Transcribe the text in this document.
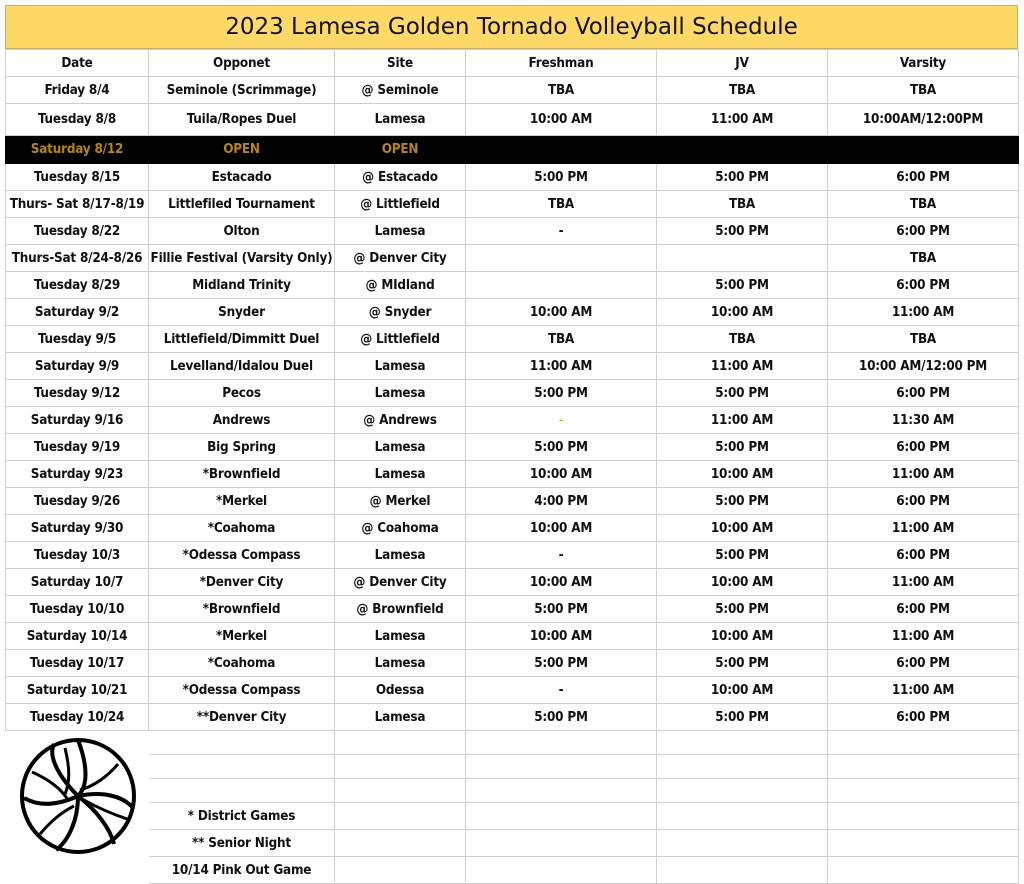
2023 Lamesa Golden Tornado Volleyball Schedule
Date	Opponet	Site	Freshman	JV	Varsity
Friday 8/4	Seminole (Scrimmage)	@ Seminole	TBA	TBA	TBA
Tuesday 8/8	Tuila/Ropes Duel	Lamesa	10:00 AM	11:00 AM	10:00AM/12:00PM
Saturday 8/12	OPEN	OPEN			
Tuesday 8/15	Estacado	@ Estacado	5:00 PM	5:00 PM	6:00 PM
Thurs- Sat 8/17-8/19	Littlefiled Tournament	@ Littlefield	TBA	TBA	TBA
Tuesday 8/22	Olton	Lamesa	-	5:00 PM	6:00 PM
Thurs-Sat 8/24-8/26	Fillie Festival (Varsity Only)	@ Denver City			TBA
Tuesday 8/29	Midland Trinity	@ MIdland		5:00 PM	6:00 PM
Saturday 9/2	Snyder	@ Snyder	10:00 AM	10:00 AM	11:00 AM
Tuesday 9/5	Littlefield/Dimmitt Duel	@ Littlefield	TBA	TBA	TBA
Saturday 9/9	Levelland/Idalou Duel	Lamesa	11:00 AM	11:00 AM	10:00 AM/12:00 PM
Tuesday 9/12	Pecos	Lamesa	5:00 PM	5:00 PM	6:00 PM
Saturday 9/16	Andrews	@ Andrews	-	11:00 AM	11:30 AM
Tuesday 9/19	Big Spring	Lamesa	5:00 PM	5:00 PM	6:00 PM
Saturday 9/23	*Brownfield	Lamesa	10:00 AM	10:00 AM	11:00 AM
Tuesday 9/26	*Merkel	@ Merkel	4:00 PM	5:00 PM	6:00 PM
Saturday 9/30	*Coahoma	@ Coahoma	10:00 AM	10:00 AM	11:00 AM
Tuesday 10/3	*Odessa Compass	Lamesa	-	5:00 PM	6:00 PM
Saturday 10/7	*Denver City	@ Denver City	10:00 AM	10:00 AM	11:00 AM
Tuesday 10/10	*Brownfield	@ Brownfield	5:00 PM	5:00 PM	6:00 PM
Saturday 10/14	*Merkel	Lamesa	10:00 AM	10:00 AM	11:00 AM
Tuesday 10/17	*Coahoma	Lamesa	5:00 PM	5:00 PM	6:00 PM
Saturday 10/21	*Odessa Compass	Odessa	-	10:00 AM	11:00 AM
Tuesday 10/24	**Denver City	Lamesa	5:00 PM	5:00 PM	6:00 PM

	* District Games				
	** Senior Night				
	10/14 Pink Out Game				
